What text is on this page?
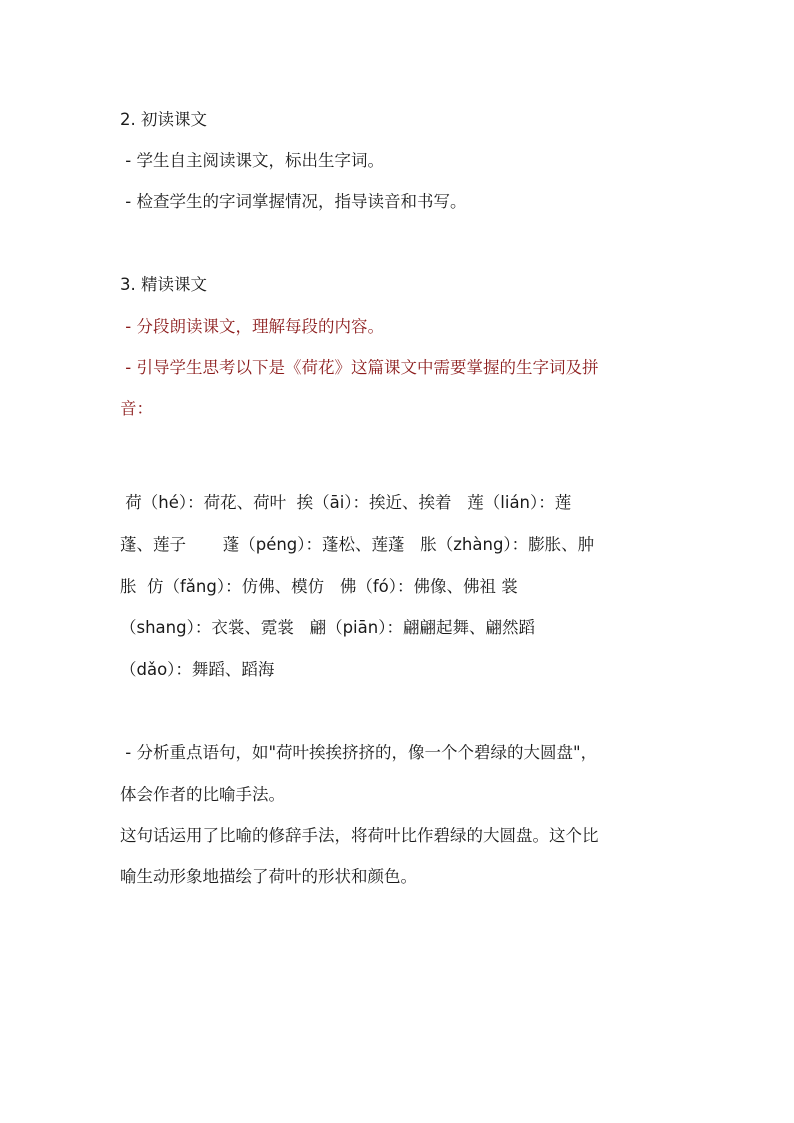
2. 初读课文
- 学生自主阅读课文，标出生字词。
- 检查学生的字词掌握情况，指导读音和书写。
3. 精读课文
- 分段朗读课文，理解每段的内容。
- 引导学生思考以下是《荷花》这篇课文中需要掌握的生字词及拼
音：
荷（hé）：荷花、荷叶  挨（āi）：挨近、挨着   莲（lián）：莲
蓬、莲子       蓬（péng）：蓬松、莲蓬   胀（zhàng）：膨胀、肿
胀  仿（fǎng）：仿佛、模仿   佛（fó）：佛像、佛祖 裳
（shang）：衣裳、霓裳   翩（piān）：翩翩起舞、翩然蹈
（dǎo）：舞蹈、蹈海
- 分析重点语句，如"荷叶挨挨挤挤的，像一个个碧绿的大圆盘"，
体会作者的比喻手法。
这句话运用了比喻的修辞手法，将荷叶比作碧绿的大圆盘。这个比
喻生动形象地描绘了荷叶的形状和颜色。
